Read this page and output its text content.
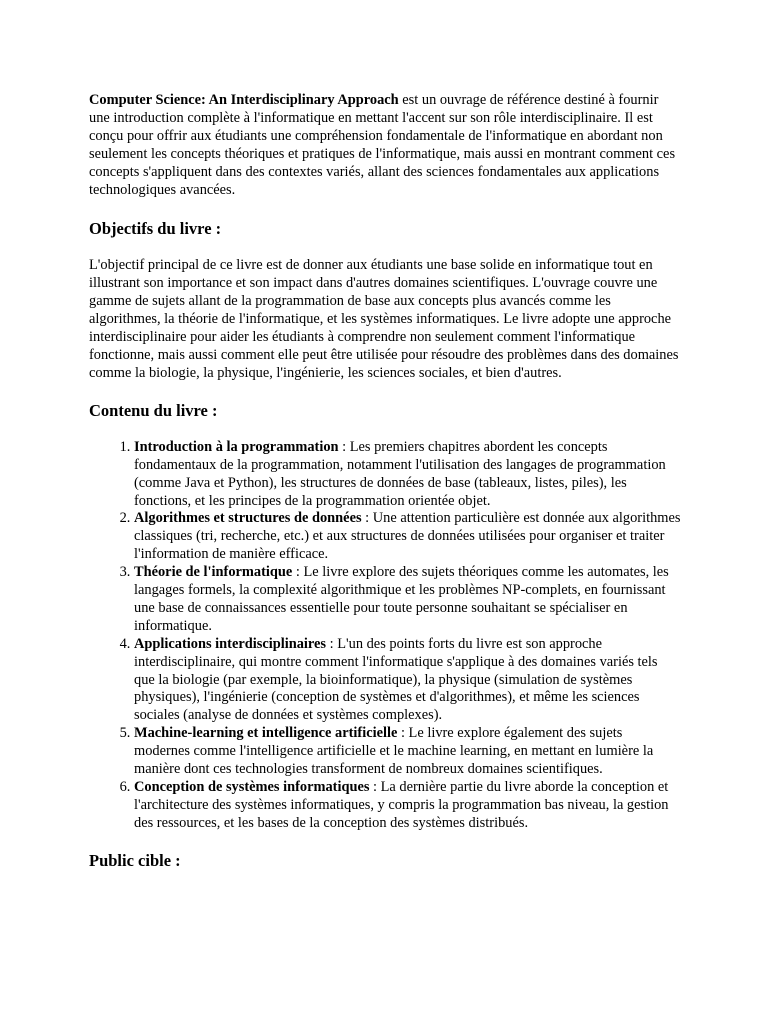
Computer Science: An Interdisciplinary Approach est un ouvrage de référence destiné à fournir une introduction complète à l'informatique en mettant l'accent sur son rôle interdisciplinaire. Il est conçu pour offrir aux étudiants une compréhension fondamentale de l'informatique en abordant non seulement les concepts théoriques et pratiques de l'informatique, mais aussi en montrant comment ces concepts s'appliquent dans des contextes variés, allant des sciences fondamentales aux applications technologiques avancées.

Objectifs du livre :

L'objectif principal de ce livre est de donner aux étudiants une base solide en informatique tout en illustrant son importance et son impact dans d'autres domaines scientifiques. L'ouvrage couvre une gamme de sujets allant de la programmation de base aux concepts plus avancés comme les algorithmes, la théorie de l'informatique, et les systèmes informatiques. Le livre adopte une approche interdisciplinaire pour aider les étudiants à comprendre non seulement comment l'informatique fonctionne, mais aussi comment elle peut être utilisée pour résoudre des problèmes dans des domaines comme la biologie, la physique, l'ingénierie, les sciences sociales, et bien d'autres.

Contenu du livre :
1. Introduction à la programmation : Les premiers chapitres abordent les concepts fondamentaux de la programmation, notamment l'utilisation des langages de programmation (comme Java et Python), les structures de données de base (tableaux, listes, piles), les fonctions, et les principes de la programmation orientée objet.
2. Algorithmes et structures de données : Une attention particulière est donnée aux algorithmes classiques (tri, recherche, etc.) et aux structures de données utilisées pour organiser et traiter l'information de manière efficace.
3. Théorie de l'informatique : Le livre explore des sujets théoriques comme les automates, les langages formels, la complexité algorithmique et les problèmes NP-complets, en fournissant une base de connaissances essentielle pour toute personne souhaitant se spécialiser en informatique.
4. Applications interdisciplinaires : L'un des points forts du livre est son approche interdisciplinaire, qui montre comment l'informatique s'applique à des domaines variés tels que la biologie (par exemple, la bioinformatique), la physique (simulation de systèmes physiques), l'ingénierie (conception de systèmes et d'algorithmes), et même les sciences sociales (analyse de données et systèmes complexes).
5. Machine-learning et intelligence artificielle : Le livre explore également des sujets modernes comme l'intelligence artificielle et le machine learning, en mettant en lumière la manière dont ces technologies transforment de nombreux domaines scientifiques.
6. Conception de systèmes informatiques : La dernière partie du livre aborde la conception et l'architecture des systèmes informatiques, y compris la programmation bas niveau, la gestion des ressources, et les bases de la conception des systèmes distribués.
Public cible :
